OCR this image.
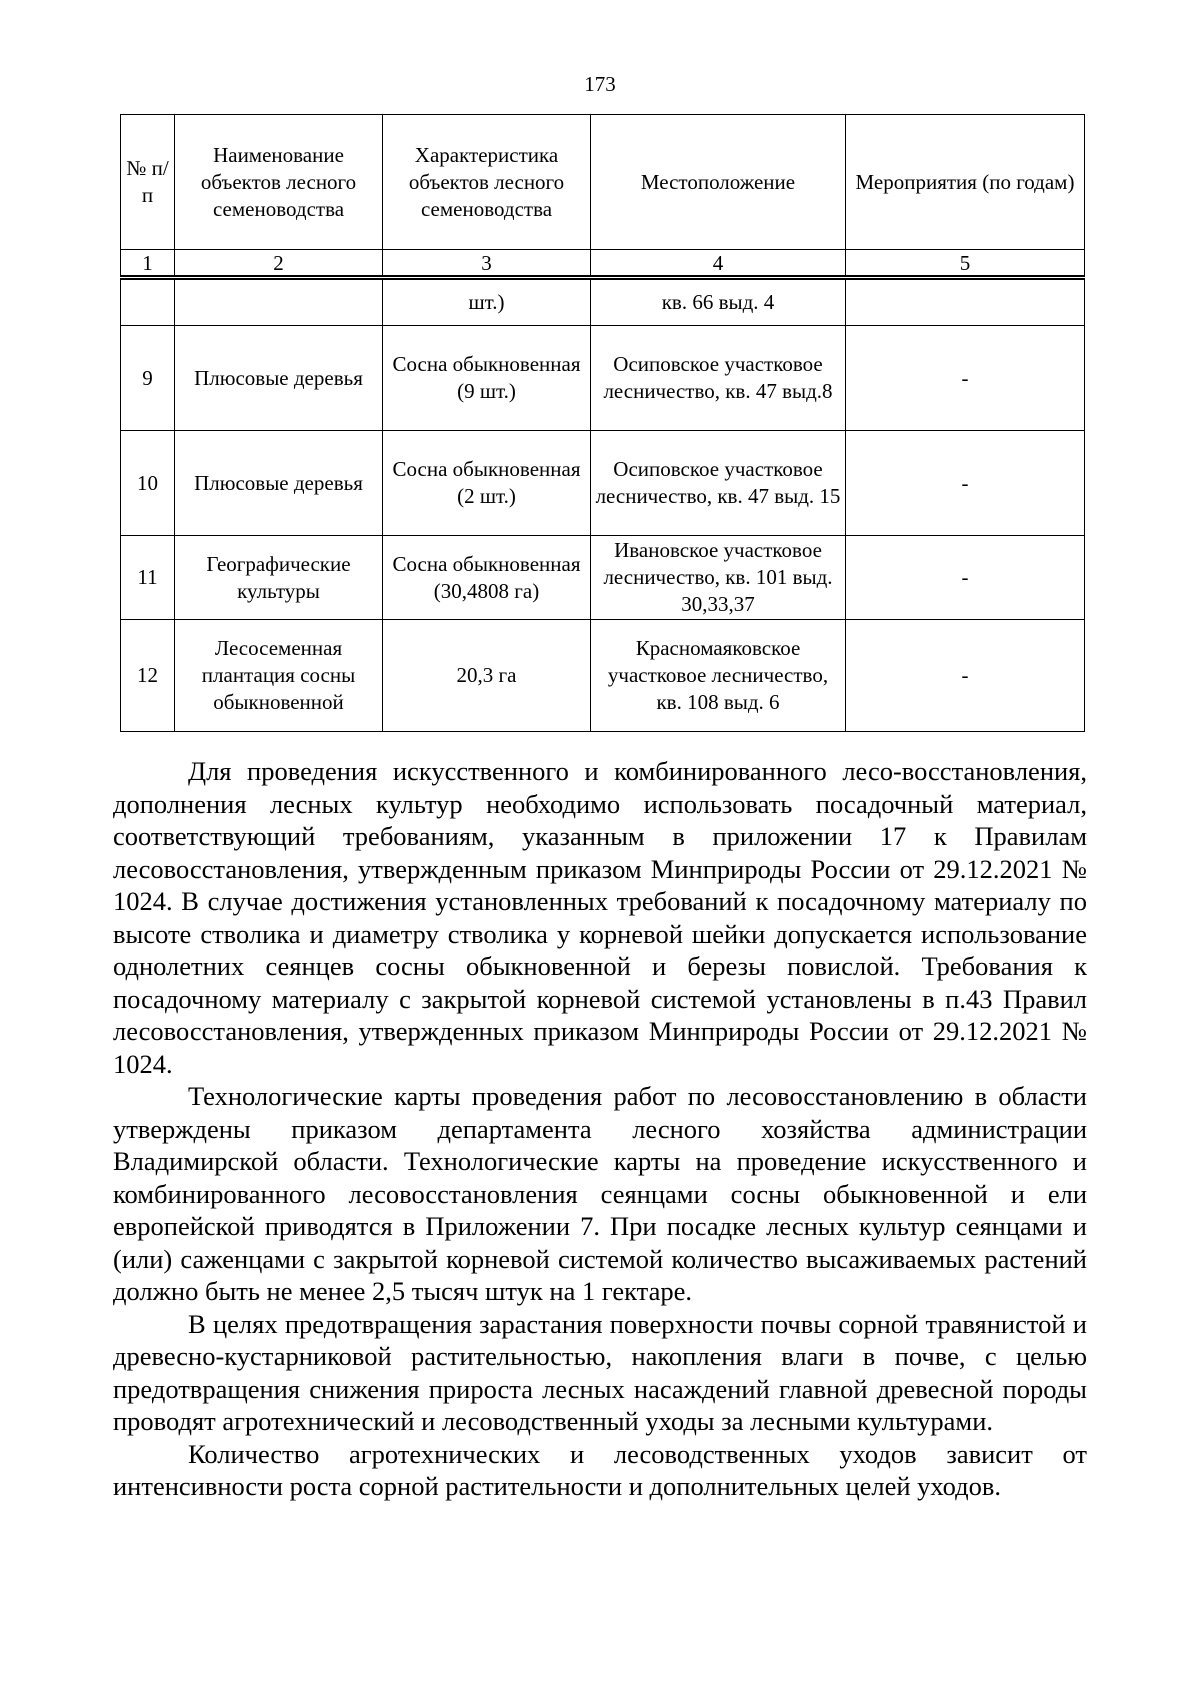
173
№ п/п	Наименование объектов лесного семеноводства	Характеристика объектов лесного семеноводства	Местоположение	Мероприятия (по годам)
1	2	3	4	5
		шт.)	кв. 66 выд. 4	
9	Плюсовые деревья	Сосна обыкновенная (9 шт.)	Осиповское участковое лесничество, кв. 47 выд.8	-
10	Плюсовые деревья	Сосна обыкновенная (2 шт.)	Осиповское участковое лесничество, кв. 47 выд. 15	-
11	Географические культуры	Сосна обыкновенная (30,4808 га)	Ивановское участковое лесничество, кв. 101 выд. 30,33,37	-
12	Лесосеменная плантация сосны обыкновенной	20,3 га	Красномаяковское участковое лесничество, кв. 108 выд. 6	-

Для проведения искусственного и комбинированного лесо-восстановления, дополнения лесных культур необходимо использовать посадочный материал, соответствующий требованиям, указанным в приложении 17 к Правилам лесовосстановления, утвержденным приказом Минприроды России от 29.12.2021 № 1024. В случае достижения установленных требований к посадочному материалу по высоте стволика и диаметру стволика у корневой шейки допускается использование однолетних сеянцев сосны обыкновенной и березы повислой. Требования к посадочному материалу с закрытой корневой системой установлены в п.43 Правил лесовосстановления, утвержденных приказом Минприроды России от 29.12.2021 № 1024.

Технологические карты проведения работ по лесовосстановлению в области утверждены приказом департамента лесного хозяйства администрации Владимирской области. Технологические карты на проведение искусственного и комбинированного лесовосстановления сеянцами сосны обыкновенной и ели европейской приводятся в Приложении 7. При посадке лесных культур сеянцами и (или) саженцами с закрытой корневой системой количество высаживаемых растений должно быть не менее 2,5 тысяч штук на 1 гектаре.

В целях предотвращения зарастания поверхности почвы сорной травянистой и древесно-кустарниковой растительностью, накопления влаги в почве, с целью предотвращения снижения прироста лесных насаждений главной древесной породы проводят агротехнический и лесоводственный уходы за лесными культурами.

Количество агротехнических и лесоводственных уходов зависит от интенсивности роста сорной растительности и дополнительных целей уходов.
